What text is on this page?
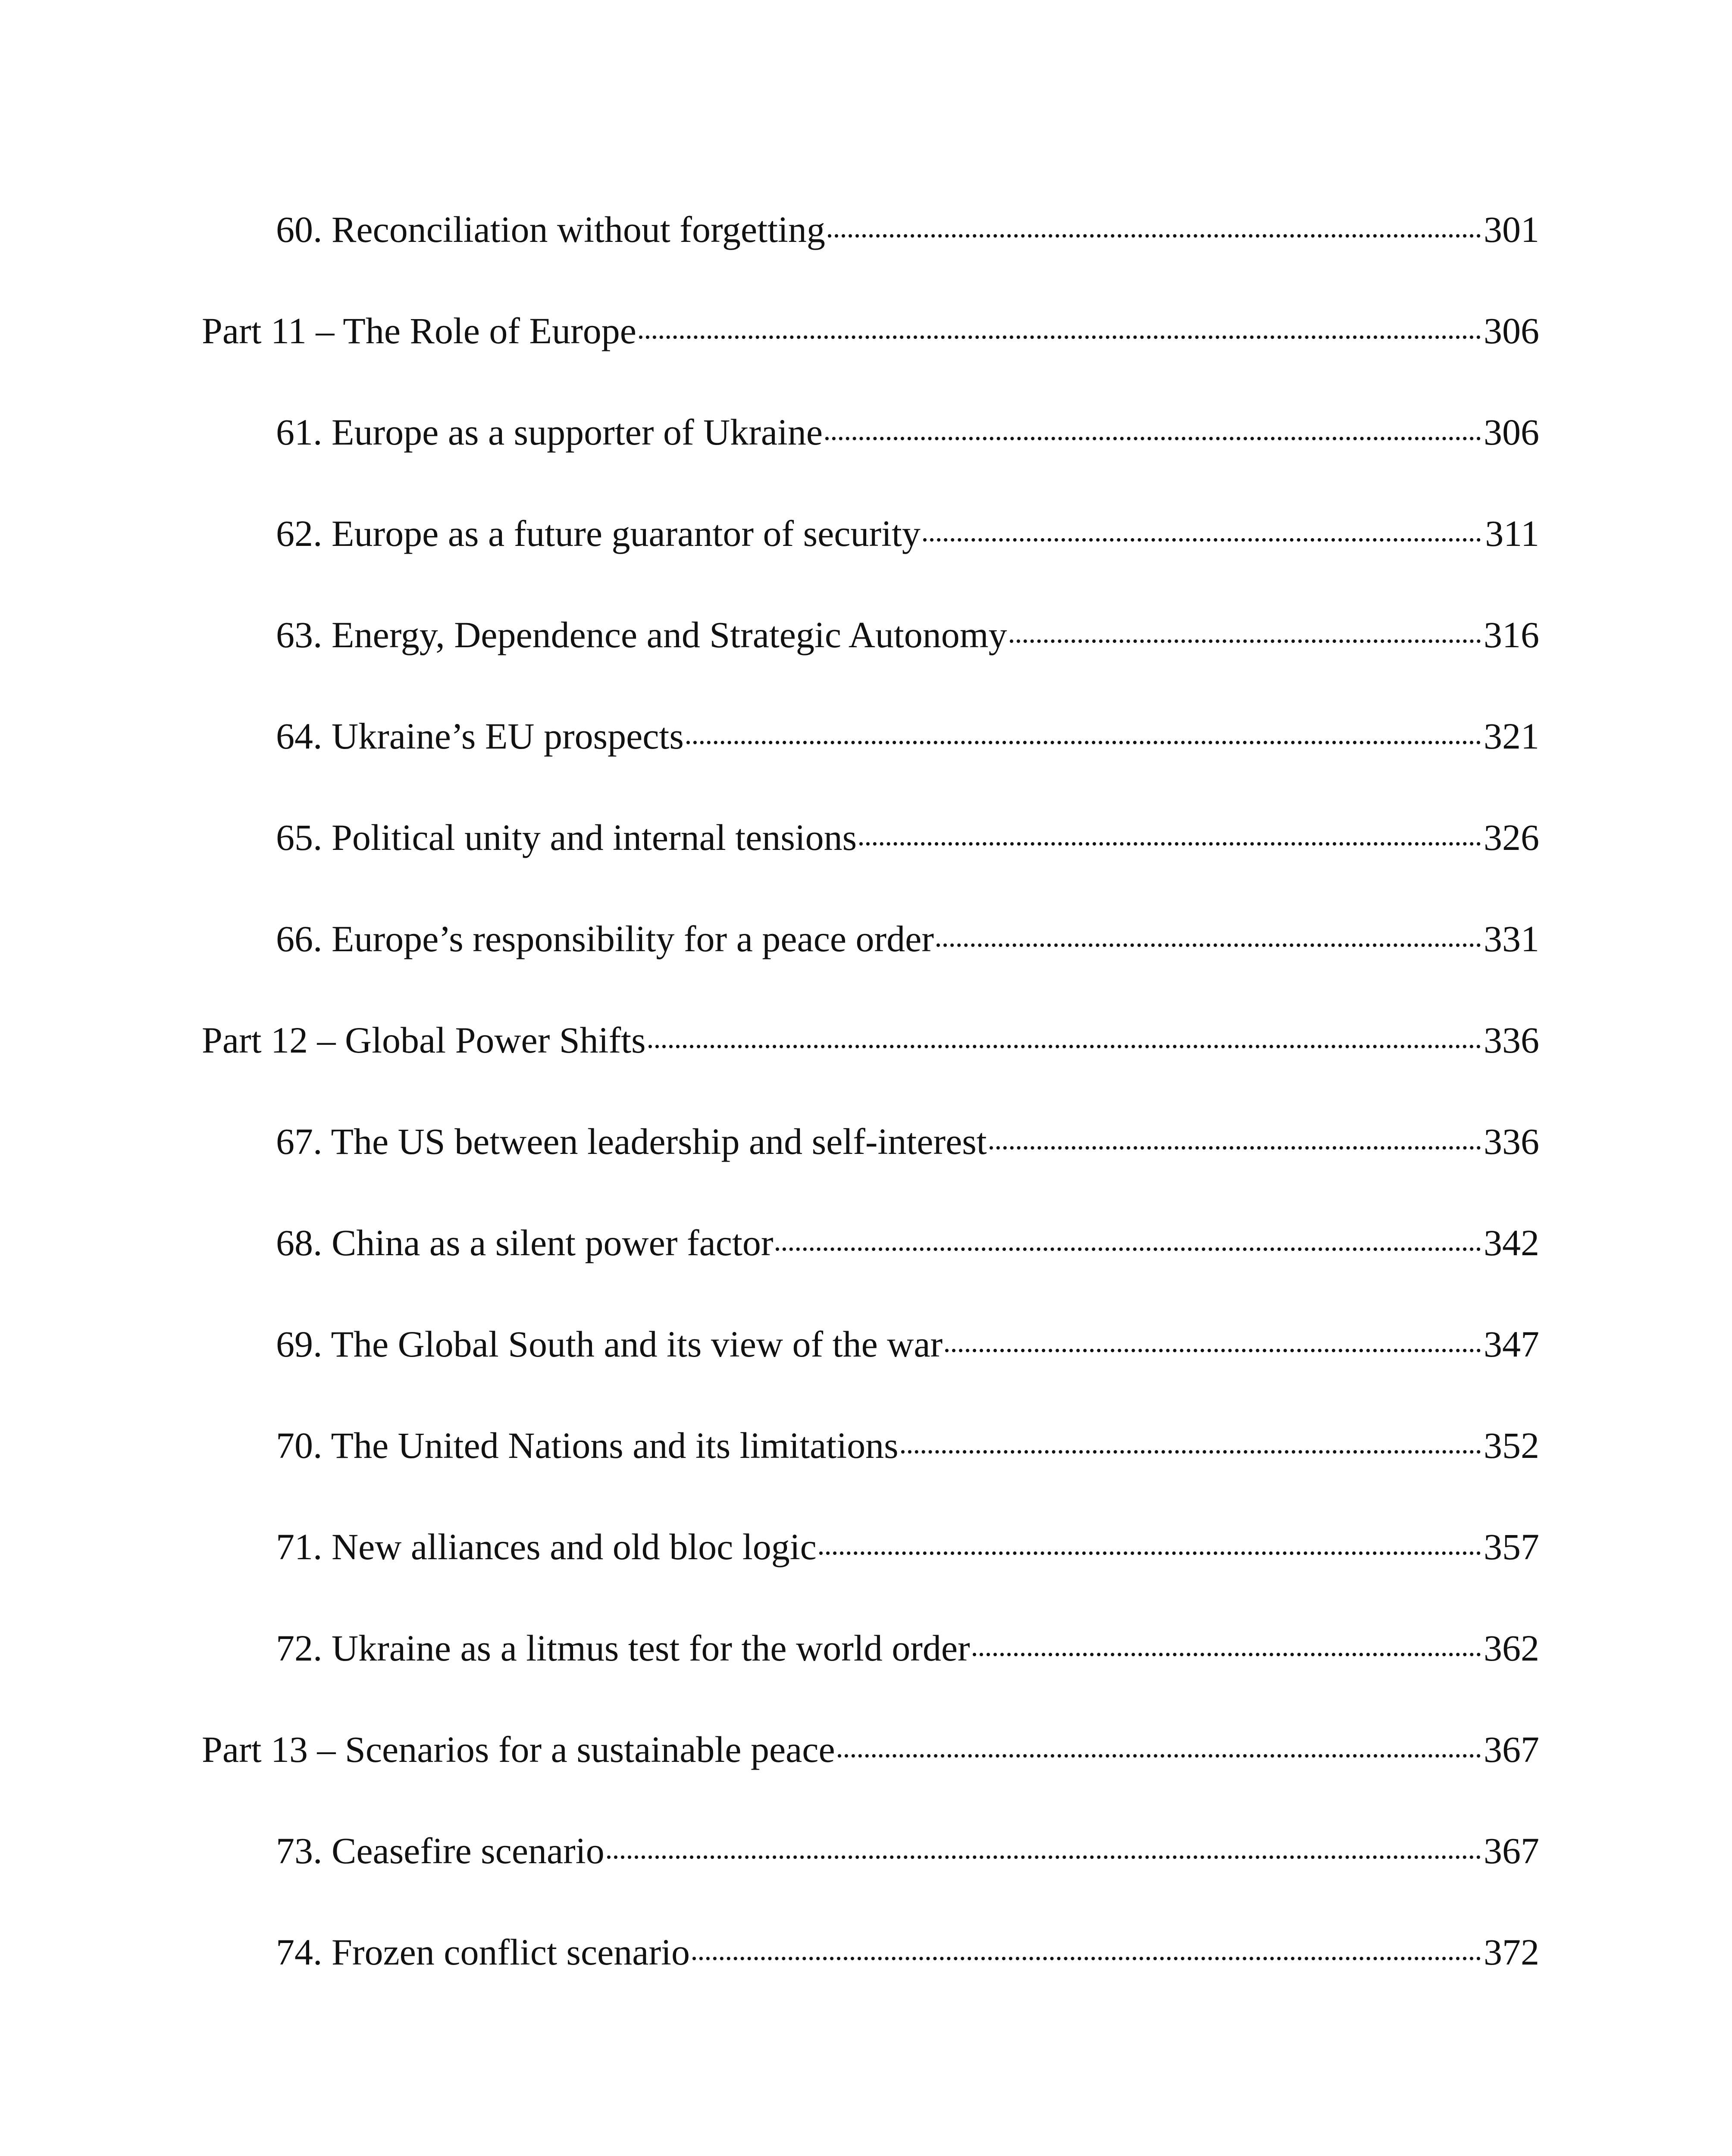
60. Reconciliation without forgetting	301
Part 11 – The Role of Europe	306
61. Europe as a supporter of Ukraine	306
62. Europe as a future guarantor of security	311
63. Energy, Dependence and Strategic Autonomy	316
64. Ukraine’s EU prospects	321
65. Political unity and internal tensions	326
66. Europe’s responsibility for a peace order	331
Part 12 – Global Power Shifts	336
67. The US between leadership and self-interest	336
68. China as a silent power factor	342
69. The Global South and its view of the war	347
70. The United Nations and its limitations	352
71. New alliances and old bloc logic	357
72. Ukraine as a litmus test for the world order	362
Part 13 – Scenarios for a sustainable peace	367
73. Ceasefire scenario	367
74. Frozen conflict scenario	372
